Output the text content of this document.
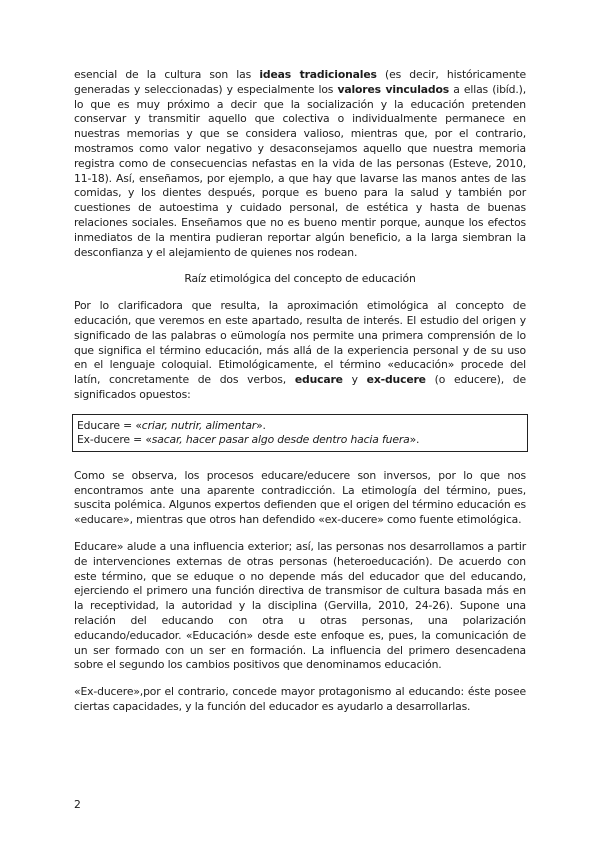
esencial de la cultura son las ideas tradicionales (es decir, históricamente generadas y seleccionadas) y especialmente los valores vinculados a ellas (ibíd.), lo que es muy próximo a decir que la socialización y la educación pretenden conservar y transmitir aquello que colectiva o individualmente permanece en nuestras memorias y que se considera valioso, mientras que, por el contrario, mostramos como valor negativo y desaconsejamos aquello que nuestra memoria registra como de consecuencias nefastas en la vida de las personas (Esteve, 2010, 11-18). Así, enseñamos, por ejemplo, a que hay que lavarse las manos antes de las comidas, y los dientes después, porque es bueno para la salud y también por cuestiones de autoestima y cuidado personal, de estética y hasta de buenas relaciones sociales. Enseñamos que no es bueno mentir porque, aunque los efectos inmediatos de la mentira pudieran reportar algún beneficio, a la larga siembran la desconfianza y el alejamiento de quienes nos rodean.

Raíz etimológica del concepto de educación

Por lo clarificadora que resulta, la aproximación etimológica al concepto de educación, que veremos en este apartado, resulta de interés. El estudio del origen y significado de las palabras o eümología nos permite una primera comprensión de lo que significa el término educación, más allá de la experiencia personal y de su uso en el lenguaje coloquial. Etimológicamente, el término «educación» procede del latín, concretamente de dos verbos, educare y ex-ducere (o educere), de significados opuestos:

Educare = «criar, nutrir, alimentar».
Ex-ducere = «sacar, hacer pasar algo desde dentro hacia fuera».

Como se observa, los procesos educare/educere son inversos, por lo que nos encontramos ante una aparente contradicción. La etimología del término, pues, suscita polémica. Algunos expertos defienden que el origen del término educación es «educare», mientras que otros han defendido «ex-ducere» como fuente etimológica.

Educare» alude a una influencia exterior; así, las personas nos desarrollamos a partir de intervenciones externas de otras personas (heteroeducación). De acuerdo con este término, que se eduque o no depende más del educador que del educando, ejerciendo el primero una función directiva de transmisor de cultura basada más en la receptividad, la autoridad y la disciplina (Gervilla, 2010, 24-26). Supone una relación del educando con otra u otras personas, una polarización educando/educador. «Educación» desde este enfoque es, pues, la comunicación de un ser formado con un ser en formación. La influencia del primero desencadena sobre el segundo los cambios positivos que denominamos educación.

«Ex-ducere»,por el contrario, concede mayor protagonismo al educando: éste posee ciertas capacidades, y la función del educador es ayudarlo a desarrollarlas.

2
